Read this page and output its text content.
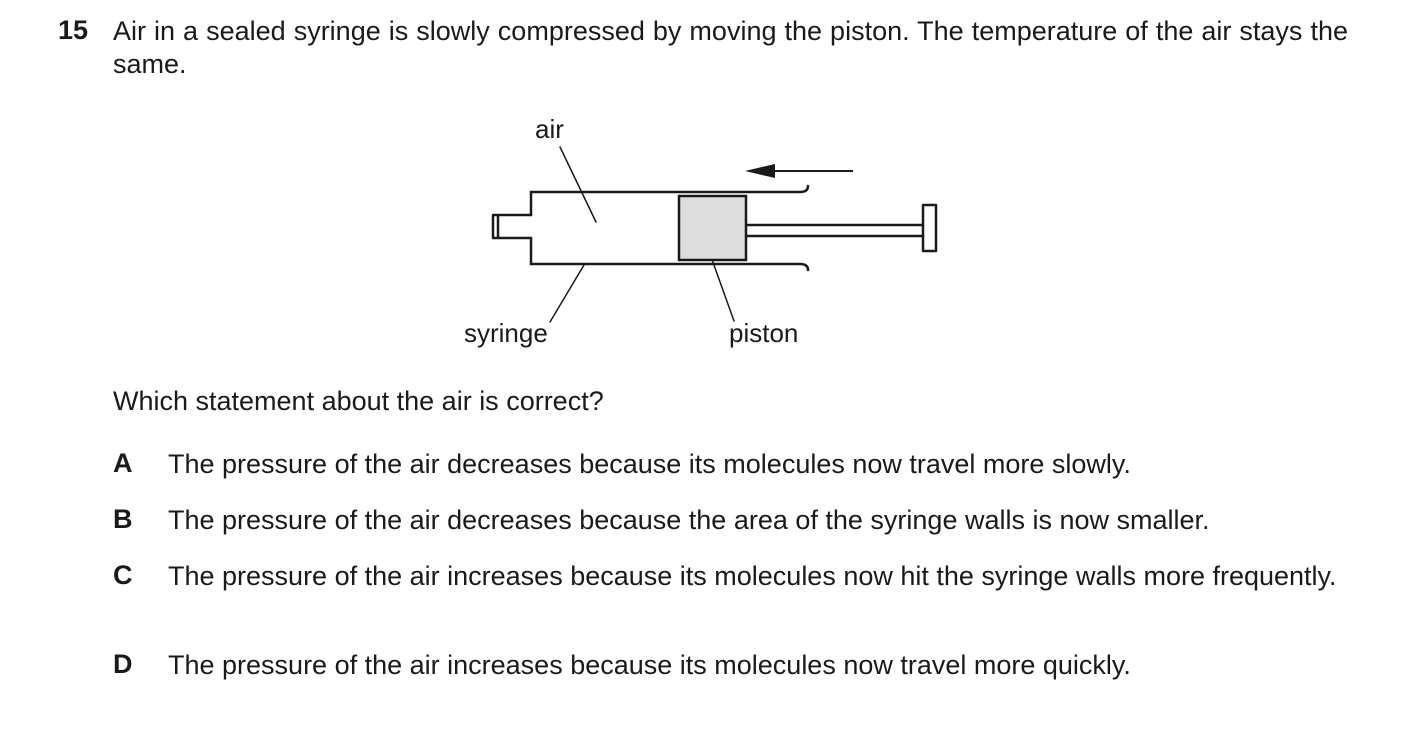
15 Air in a sealed syringe is slowly compressed by moving the piston. The temperature of the air stays the same.
air
syringe	piston
Which statement about the air is correct?
A The pressure of the air decreases because its molecules now travel more slowly.
B The pressure of the air decreases because the area of the syringe walls is now smaller.
C The pressure of the air increases because its molecules now hit the syringe walls more frequently.
D The pressure of the air increases because its molecules now travel more quickly.
